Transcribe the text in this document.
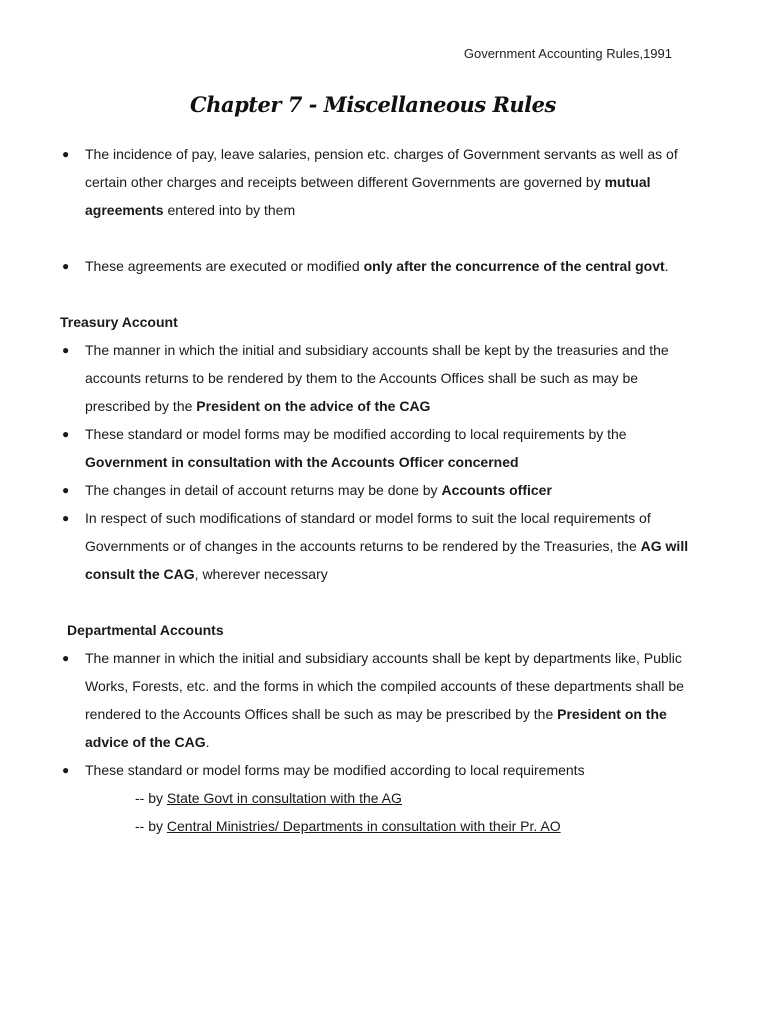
Government Accounting Rules,1991
Chapter 7 - Miscellaneous Rules

● The incidence of pay, leave salaries, pension etc. charges of Government servants as well as of certain other charges and receipts between different Governments are governed by mutual agreements entered into by them

● These agreements are executed or modified only after the concurrence of the central govt.

Treasury Account

● The manner in which the initial and subsidiary accounts shall be kept by the treasuries and the accounts returns to be rendered by them to the Accounts Offices shall be such as may be prescribed by the President on the advice of the CAG

● These standard or model forms may be modified according to local requirements by the Government in consultation with the Accounts Officer concerned

● The changes in detail of account returns may be done by Accounts officer

● In respect of such modifications of standard or model forms to suit the local requirements of Governments or of changes in the accounts returns to be rendered by the Treasuries, the AG will consult the CAG, wherever necessary

Departmental Accounts

● The manner in which the initial and subsidiary accounts shall be kept by departments like, Public Works, Forests, etc. and the forms in which the compiled accounts of these departments shall be rendered to the Accounts Offices shall be such as may be prescribed by the President on the advice of the CAG.

● These standard or model forms may be modified according to local requirements

-- by State Govt in consultation with the AG

-- by Central Ministries/ Departments in consultation with their Pr. AO
